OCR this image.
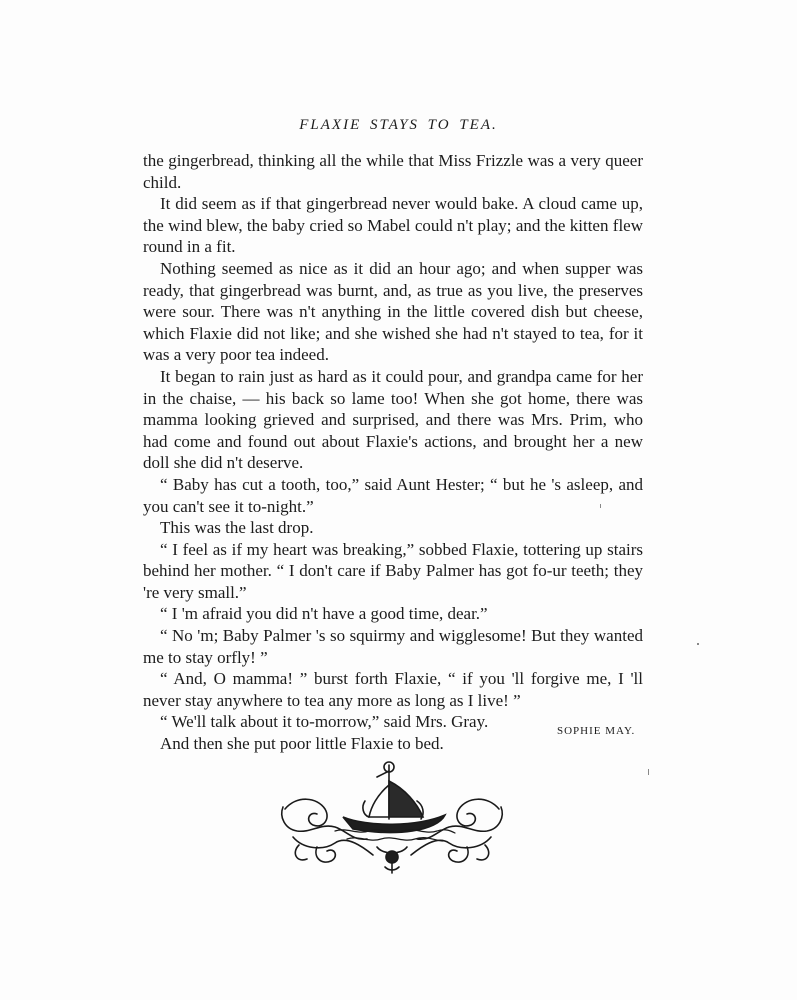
FLAXIE STAYS TO TEA.

the gingerbread, thinking all the while that Miss Frizzle was a very queer child.

It did seem as if that gingerbread never would bake. A cloud came up, the wind blew, the baby cried so Mabel could n't play; and the kitten flew round in a fit.

Nothing seemed as nice as it did an hour ago; and when supper was ready, that gingerbread was burnt, and, as true as you live, the preserves were sour. There was n't anything in the little covered dish but cheese, which Flaxie did not like; and she wished she had n't stayed to tea, for it was a very poor tea indeed.

It began to rain just as hard as it could pour, and grandpa came for her in the chaise, — his back so lame too! When she got home, there was mamma looking grieved and surprised, and there was Mrs. Prim, who had come and found out about Flaxie's actions, and brought her a new doll she did n't deserve.

“ Baby has cut a tooth, too,” said Aunt Hester; “ but he 's asleep, and you can't see it to-night.”

This was the last drop.

“ I feel as if my heart was breaking,” sobbed Flaxie, tottering up stairs behind her mother. “ I don't care if Baby Palmer has got fo-ur teeth; they 're very small.”

“ I 'm afraid you did n't have a good time, dear.”

“ No 'm; Baby Palmer 's so squirmy and wigglesome! But they wanted me to stay orfly! ”

“ And, O mamma! ” burst forth Flaxie, “ if you 'll forgive me, I 'll never stay anywhere to tea any more as long as I live! ”

“ We'll talk about it to-morrow,” said Mrs. Gray.

And then she put poor little Flaxie to bed.

SOPHIE MAY.
